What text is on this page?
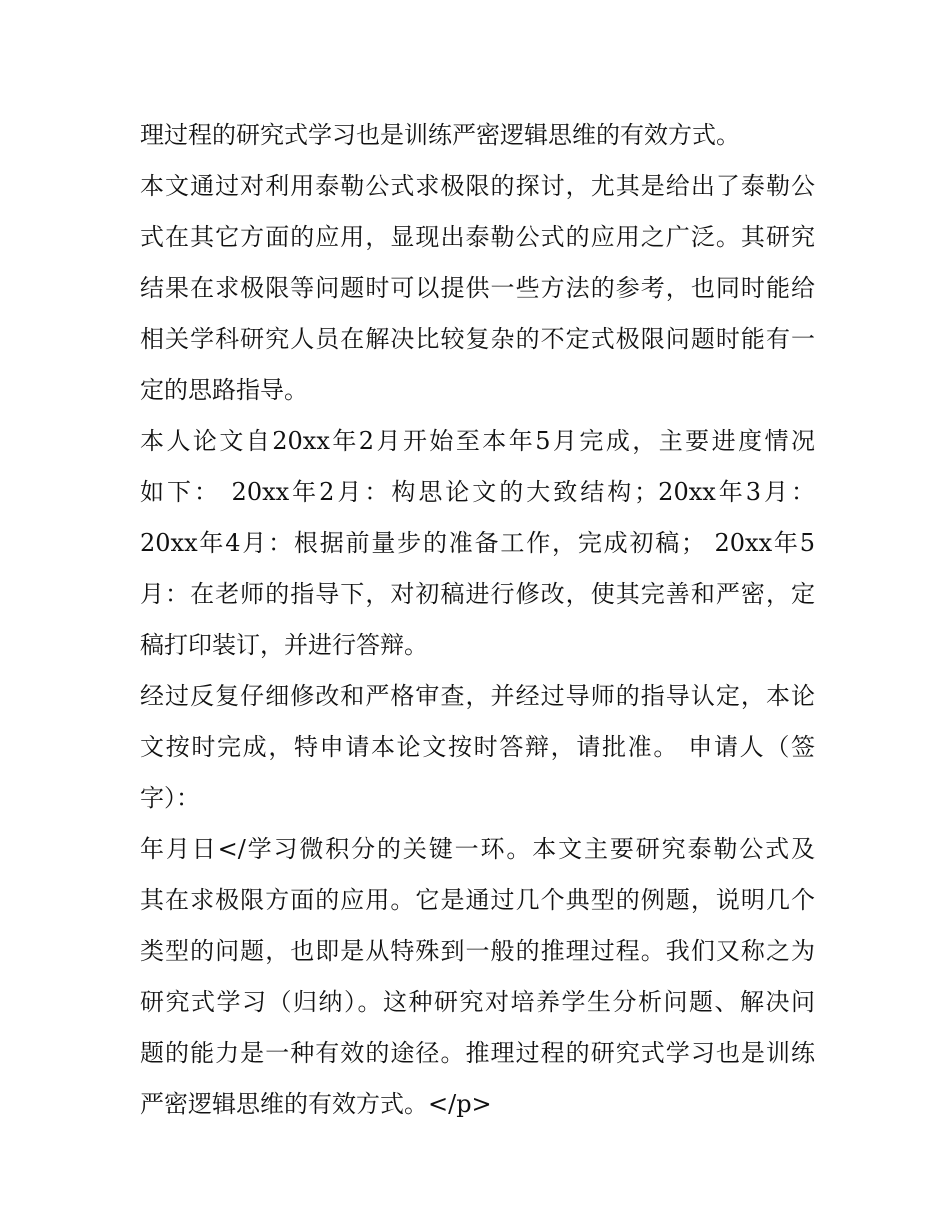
理过程的研究式学习也是训练严密逻辑思维的有效方式。
本文通过对利用泰勒公式求极限的探讨，尤其是给出了泰勒公
式在其它方面的应用，显现出泰勒公式的应用之广泛。其研究
结果在求极限等问题时可以提供一些方法的参考，也同时能给
相关学科研究人员在解决比较复杂的不定式极限问题时能有一
定的思路指导。
本人论文自20xx年2月开始至本年5月完成，主要进度情况
如下： 20xx年2月：构思论文的大致结构；20xx年3月：
20xx年4月：根据前量步的准备工作，完成初稿； 20xx年5
月：在老师的指导下，对初稿进行修改，使其完善和严密，定
稿打印装订，并进行答辩。
经过反复仔细修改和严格审查，并经过导师的指导认定，本论
文按时完成，特申请本论文按时答辩，请批准。 申请人（签
字）：
年月日</学习微积分的关键一环。本文主要研究泰勒公式及
其在求极限方面的应用。它是通过几个典型的例题，说明几个
类型的问题，也即是从特殊到一般的推理过程。我们又称之为
研究式学习（归纳）。这种研究对培养学生分析问题、解决问
题的能力是一种有效的途径。推理过程的研究式学习也是训练
严密逻辑思维的有效方式。</p>
